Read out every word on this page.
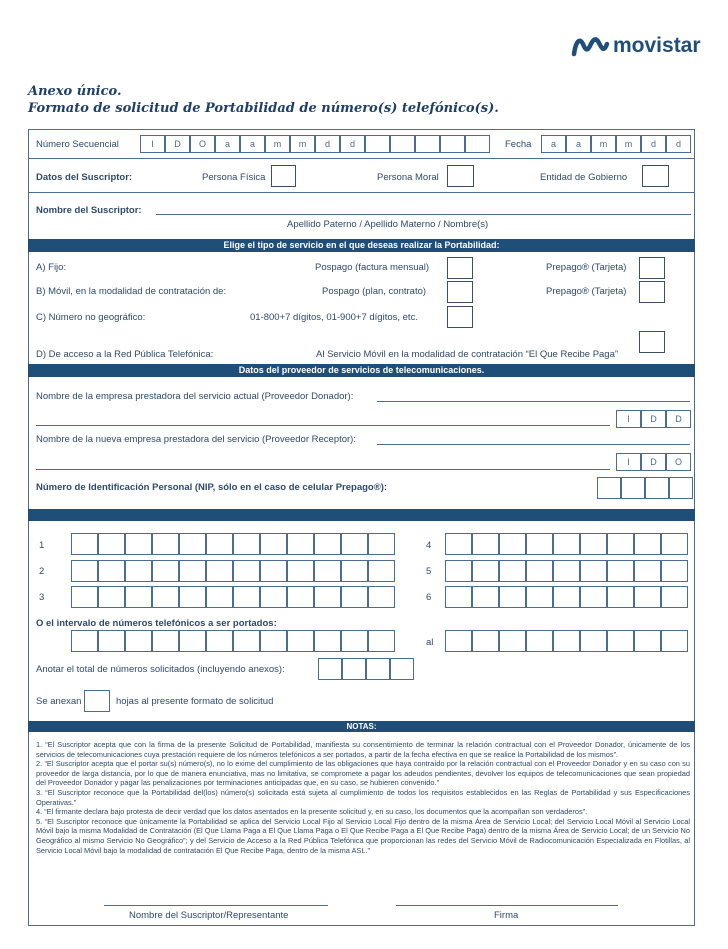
movistar
Anexo único.
Formato de solicitud de Portabilidad de número(s) telefónico(s).
Número Secuencial	I	D	O	a	a	m	m	d	d	Fecha	a	a	m	m	d	d
Datos del Suscriptor:	Persona Física	Persona Moral	Entidad de Gobierno
Nombre del Suscriptor:
Apellido Paterno / Apellido Materno / Nombre(s)
Elige el tipo de servicio en el que deseas realizar la Portabilidad:
A) Fijo:	Pospago (factura mensual)	Prepago® (Tarjeta)
B) Móvil, en la modalidad de contratación de:	Pospago (plan, contrato)	Prepago® (Tarjeta)
C) Número no geográfico:	01-800+7 dígitos, 01-900+7 dígitos, etc.
D) De acceso a la Red Pública Telefónica:	Al Servicio Móvil en la modalidad de contratación “El Que Recibe Paga”
Datos del proveedor de servicios de telecomunicaciones.
Nombre de la empresa prestadora del servicio actual (Proveedor Donador):
I	D	D
Nombre de la nueva empresa prestadora del servicio (Proveedor Receptor):
I	D	O
Número de Identificación Personal (NIP, sólo en el caso de celular Prepago®):
1
2
3
4
5
6
O el intervalo de números telefónicos a ser portados:
al
Anotar el total de números solicitados (incluyendo anexos):
Se anexan	hojas al presente formato de solicitud
NOTAS:

1. “El Suscriptor acepta que con la firma de la presente Solicitud de Portabilidad, manifiesta su consentimiento de terminar la relación contractual con el Proveedor Donador, únicamente de los servicios de telecomunicaciones cuya prestación requiere de los números telefónicos a ser portados, a partir de la fecha efectiva en que se realice la Portabilidad de los mismos”.

2. “El Suscriptor acepta que el portar su(s) número(s), no lo exime del cumplimiento de las obligaciones que haya contraído por la relación contractual con el Proveedor Donador y en su caso con su proveedor de larga distancia, por lo que de manera enunciativa, mas no limitativa, se compromete a pagar los adeudos pendientes, devolver los equipos de telecomunicaciones que sean propiedad del Proveedor Donador y pagar las penalizaciones por terminaciones anticipadas que, en su caso, se hubieren convenido.”

3. “El Suscriptor reconoce que la Portabilidad del(los) número(s) solicitada está sujeta al cumplimiento de todos los requisitos establecidos en las Reglas de Portabilidad y sus Especificaciones Operativas.”

4. “El firmante declara bajo protesta de decir verdad que los datos asentados en la presente solicitud y, en su caso, los documentos que la acompañan son verdaderos”.

5. “El Suscriptor reconoce que únicamente la Portabilidad se aplica del Servicio Local Fijo al Servicio Local Fijo dentro de la misma Área de Servicio Local; del Servicio Local Móvil al Servicio Local Móvil bajo la misma Modalidad de Contratación (El Que Llama Paga a El Que Llama Paga o El Que Recibe Paga a El Que Recibe Paga) dentro de la misma Área de Servicio Local; de un Servicio No Geográfico al mismo Servicio No Geográfico”; y del Servicio de Acceso a la Red Pública Telefónica que proporcionan las redes del Servicio Móvil de Radiocomunicación Especializada en Flotillas, al Servicio Local Móvil bajo la modalidad de contratación El Que Recibe Paga, dentro de la misma ASL.”

Nombre del Suscriptor/Representante	Firma
